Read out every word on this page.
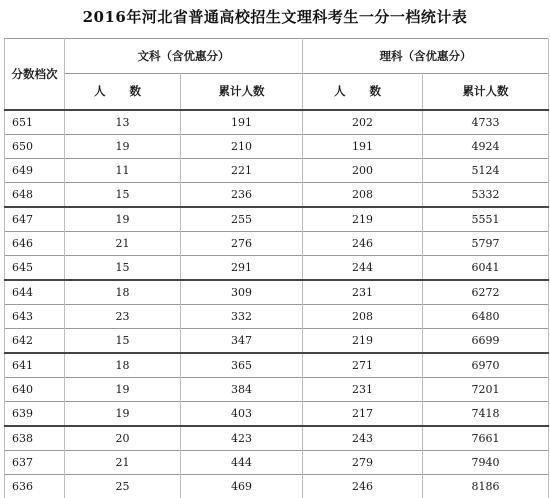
2016年河北省普通高校招生文理科考生一分一档统计表
分数档次	文科（含优惠分）		理科（含优惠分）	
	人 数	累计人数	人 数	累计人数
651	13	191	202	4733
650	19	210	191	4924
649	11	221	200	5124
648	15	236	208	5332
647	19	255	219	5551
646	21	276	246	5797
645	15	291	244	6041
644	18	309	231	6272
643	23	332	208	6480
642	15	347	219	6699
641	18	365	271	6970
640	19	384	231	7201
639	19	403	217	7418
638	20	423	243	7661
637	21	444	279	7940
636	25	469	246	8186
